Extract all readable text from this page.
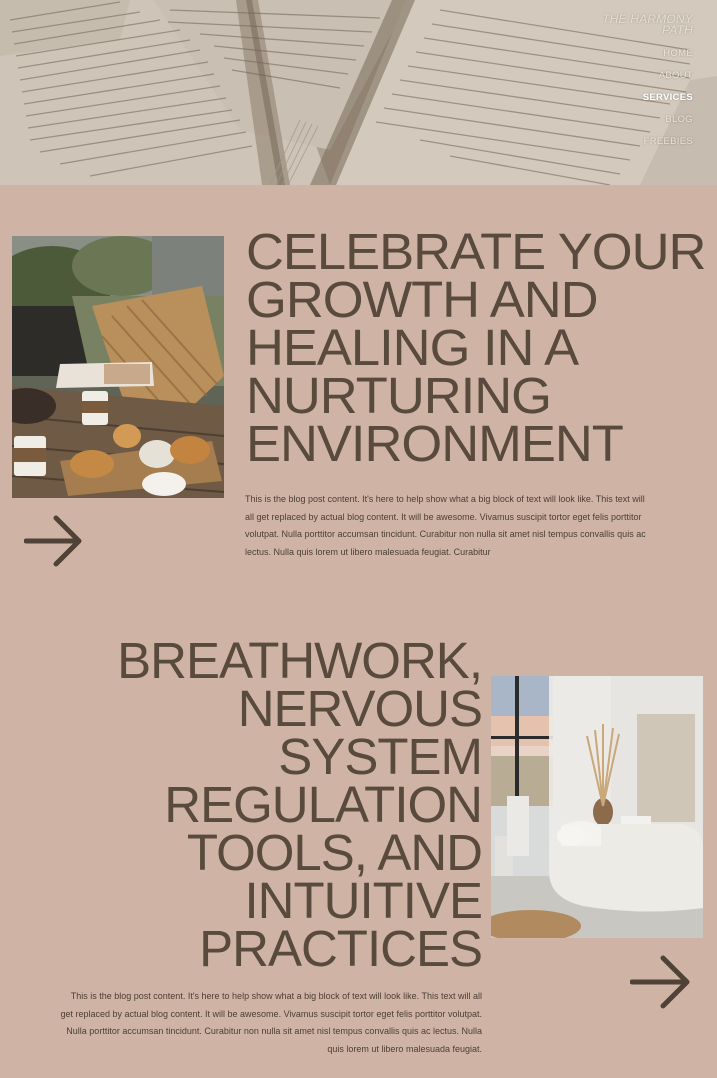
THE HARMONY PATH
HOME
ABOUT
SERVICES
BLOG
FREEBIES
CELEBRATE YOUR GROWTH AND HEALING IN A NURTURING ENVIRONMENT

This is the blog post content. It's here to help show what a big block of text will look like. This text will all get replaced by actual blog content. It will be awesome. Vivamus suscipit tortor eget felis porttitor volutpat. Nulla porttitor accumsan tincidunt. Curabitur non nulla sit amet nisl tempus convallis quis ac lectus. Nulla quis lorem ut libero malesuada feugiat. Curabitur

BREATHWORK, NERVOUS SYSTEM REGULATION TOOLS, AND INTUITIVE PRACTICES

This is the blog post content. It's here to help show what a big block of text will look like. This text will all get replaced by actual blog content. It will be awesome. Vivamus suscipit tortor eget felis porttitor volutpat. Nulla porttitor accumsan tincidunt. Curabitur non nulla sit amet nisl tempus convallis quis ac lectus. Nulla quis lorem ut libero malesuada feugiat.
